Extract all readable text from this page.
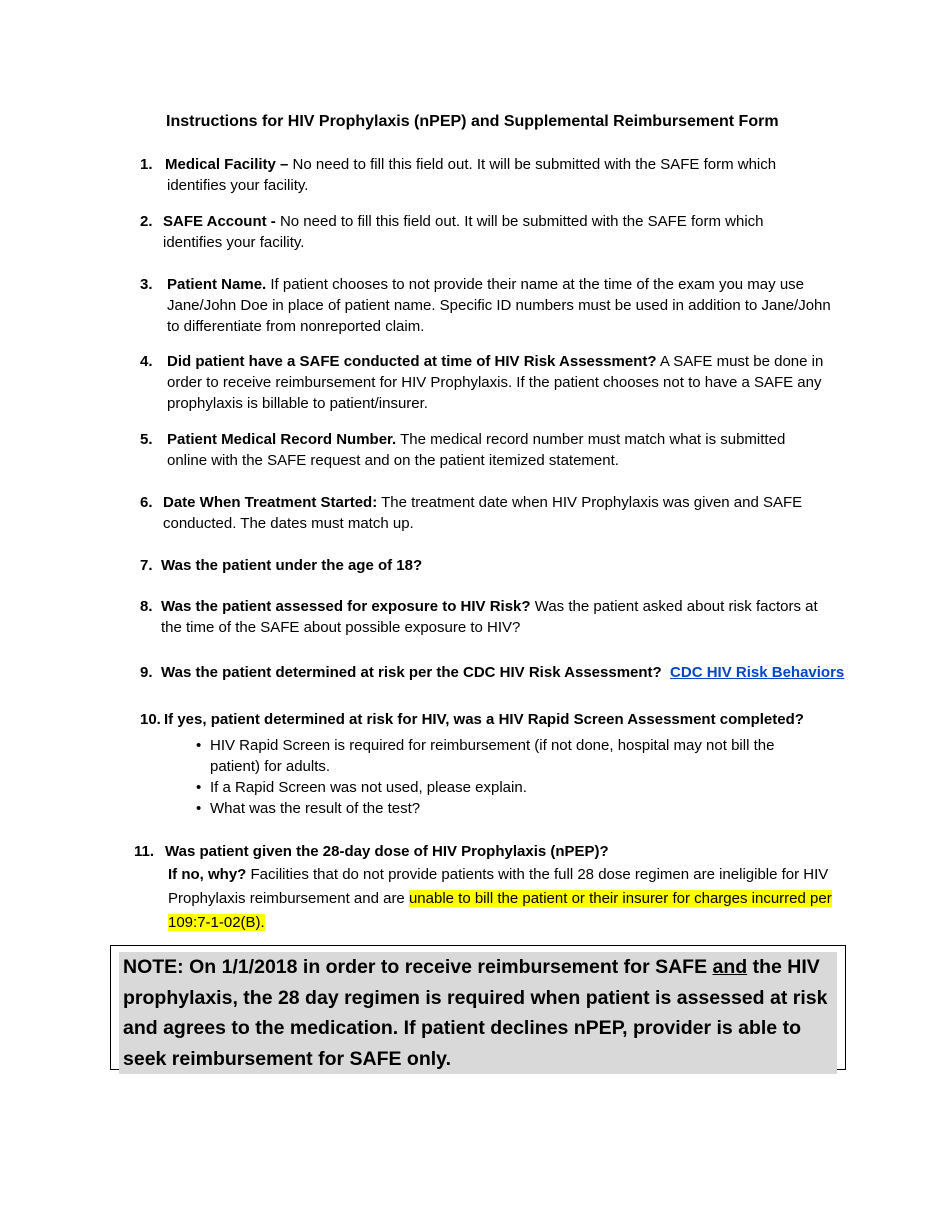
Instructions for HIV Prophylaxis (nPEP) and Supplemental Reimbursement Form
1. Medical Facility – No need to fill this field out. It will be submitted with the SAFE form which identifies your facility.
2. SAFE Account - No need to fill this field out. It will be submitted with the SAFE form which identifies your facility.
3. Patient Name. If patient chooses to not provide their name at the time of the exam you may use Jane/John Doe in place of patient name. Specific ID numbers must be used in addition to Jane/John to differentiate from nonreported claim.
4. Did patient have a SAFE conducted at time of HIV Risk Assessment? A SAFE must be done in order to receive reimbursement for HIV Prophylaxis. If the patient chooses not to have a SAFE any prophylaxis is billable to patient/insurer.
5. Patient Medical Record Number. The medical record number must match what is submitted online with the SAFE request and on the patient itemized statement.
6. Date When Treatment Started: The treatment date when HIV Prophylaxis was given and SAFE conducted. The dates must match up.
7. Was the patient under the age of 18?
8. Was the patient assessed for exposure to HIV Risk? Was the patient asked about risk factors at the time of the SAFE about possible exposure to HIV?
9. Was the patient determined at risk per the CDC HIV Risk Assessment? CDC HIV Risk Behaviors
10. If yes, patient determined at risk for HIV, was a HIV Rapid Screen Assessment completed?
• HIV Rapid Screen is required for reimbursement (if not done, hospital may not bill the patient) for adults.
• If a Rapid Screen was not used, please explain.
• What was the result of the test?
11. Was patient given the 28-day dose of HIV Prophylaxis (nPEP)?
If no, why? Facilities that do not provide patients with the full 28 dose regimen are ineligible for HIV Prophylaxis reimbursement and are unable to bill the patient or their insurer for charges incurred per 109:7-1-02(B).
NOTE: On 1/1/2018 in order to receive reimbursement for SAFE and the HIV prophylaxis, the 28 day regimen is required when patient is assessed at risk and agrees to the medication. If patient declines nPEP, provider is able to seek reimbursement for SAFE only.
